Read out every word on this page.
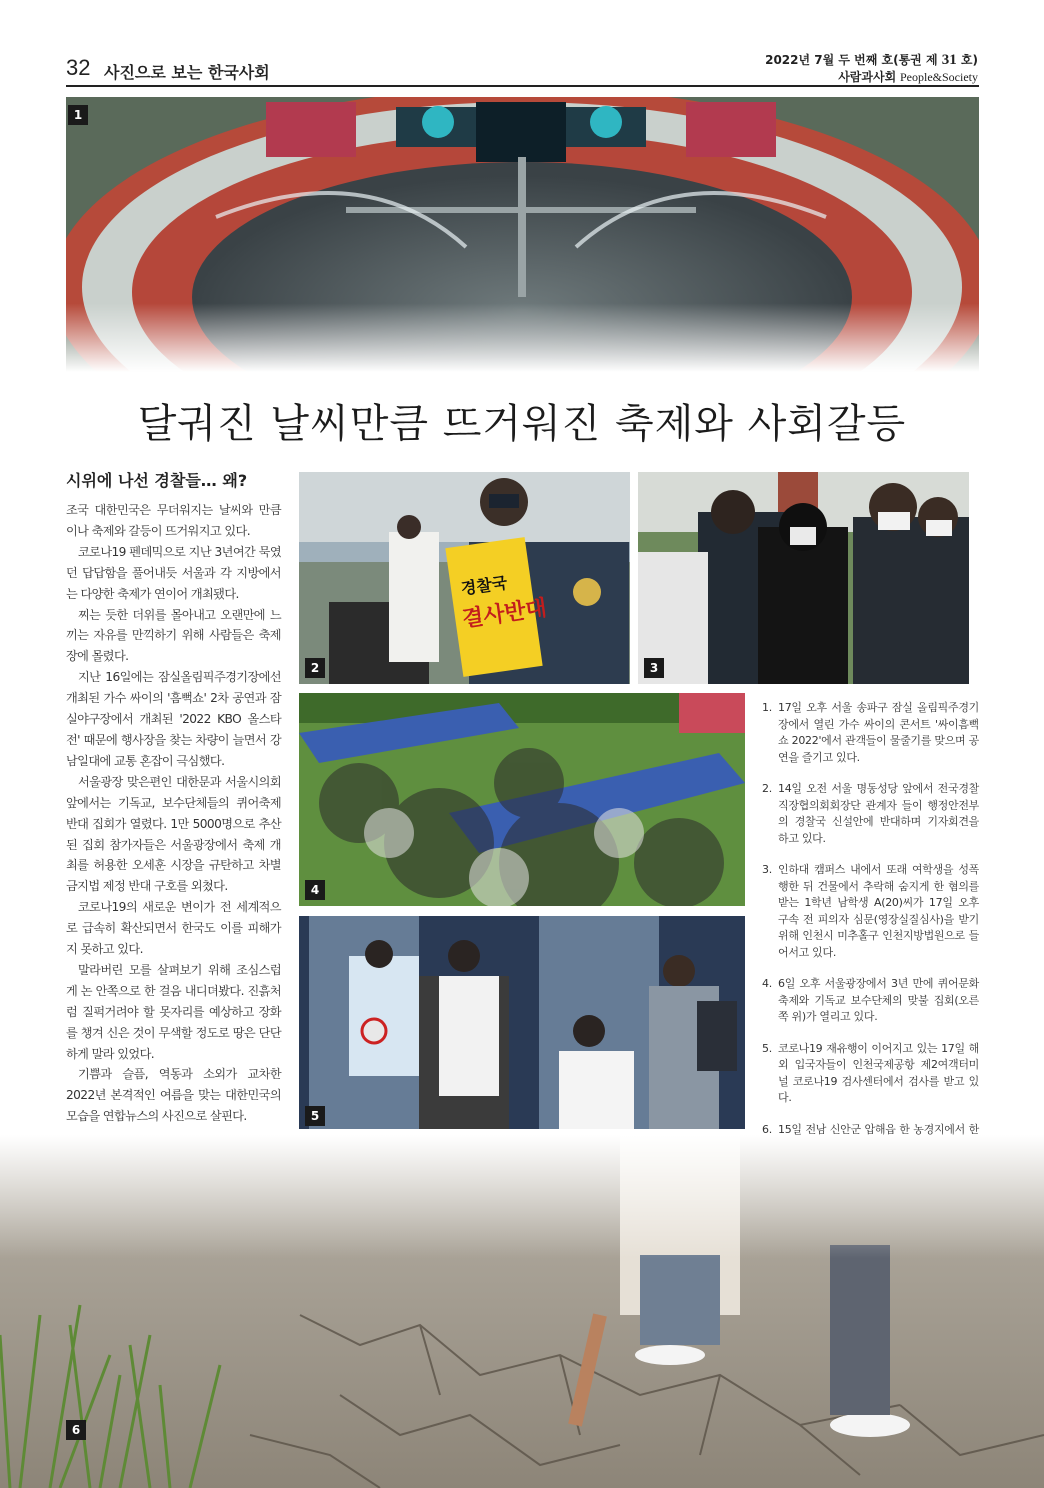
32 사진으로 보는 한국사회
2022년 7월 두 번째 호(통권 제 31 호)
사람과사회 People&Society
1
달궈진 날씨만큼 뜨거워진 축제와 사회갈등
시위에 나선 경찰들… 왜?

조국 대한민국은 무더워지는 날씨와 만큼 이나 축제와 갈등이 뜨거워지고 있다.

코로나19 펜데믹으로 지난 3년여간 묵였던 답답함을 풀어내듯 서울과 각 지방에서는 다양한 축제가 연이어 개최됐다.

찌는 듯한 더위를 몰아내고 오랜만에 느끼는 자유를 만끽하기 위해 사람들은 축제장에 몰렸다.

지난 16일에는 잠실올림픽주경기장에선 개최된 가수 싸이의 '흠뻑쇼' 2차 공연과 잠실야구장에서 개최된 '2022 KBO 올스타전' 때문에 행사장을 찾는 차량이 늘면서 강남일대에 교통 혼잡이 극심했다.

서울광장 맞은편인 대한문과 서울시의회 앞에서는 기독교, 보수단체들의 퀴어축제 반대 집회가 열렸다. 1만 5000명으로 추산된 집회 참가자들은 서울광장에서 축제 개최를 허용한 오세훈 시장을 규탄하고 차별금지법 제정 반대 구호를 외쳤다.

코로나19의 새로운 변이가 전 세계적으로 급속히 확산되면서 한국도 이를 피해가지 못하고 있다.

말라버린 모를 살펴보기 위해 조심스럽게 논 안쪽으로 한 걸음 내디뎌봤다. 진흙처럼 질퍽거려야 할 못자리를 예상하고 장화를 챙겨 신은 것이 무색할 정도로 땅은 단단하게 말라 있었다.

기쁨과 슬픔, 역동과 소외가 교차한 2022년 본격적인 여름을 맞는 대한민국의 모습을 연합뉴스의 사진으로 살핀다.

경찰국
결사반대
2	3
4
5
1. 17일 오후 서울 송파구 잠실 올림픽주경기장에서 열린 가수 싸이의 콘서트 '싸이흠뻑쇼 2022'에서 관객들이 물줄기를 맞으며 공연을 즐기고 있다.
2. 14일 오전 서울 명동성당 앞에서 전국경찰직장협의회회장단 관계자 들이 행정안전부의 경찰국 신설안에 반대하며 기자회견을 하고 있다.
3. 인하대 캠퍼스 내에서 또래 여학생을 성폭행한 뒤 건물에서 추락해 숨지게 한 혐의를 받는 1학년 남학생 A(20)씨가 17일 오후 구속 전 피의자 심문(영장실질심사)을 받기 위해 인천시 미추홀구 인천지방법원으로 들어서고 있다.
4. 6일 오후 서울광장에서 3년 만에 퀴어문화축제와 기독교 보수단체의 맞불 집회(오른쪽 위)가 열리고 있다.
5. 코로나19 재유행이 이어지고 있는 17일 해외 입국자들이 인천국제공항 제2여객터미널 코로나19 검사센터에서 검사를 받고 있다.
6. 15일 전남 신안군 압해읍 한 농경지에서 한
6
